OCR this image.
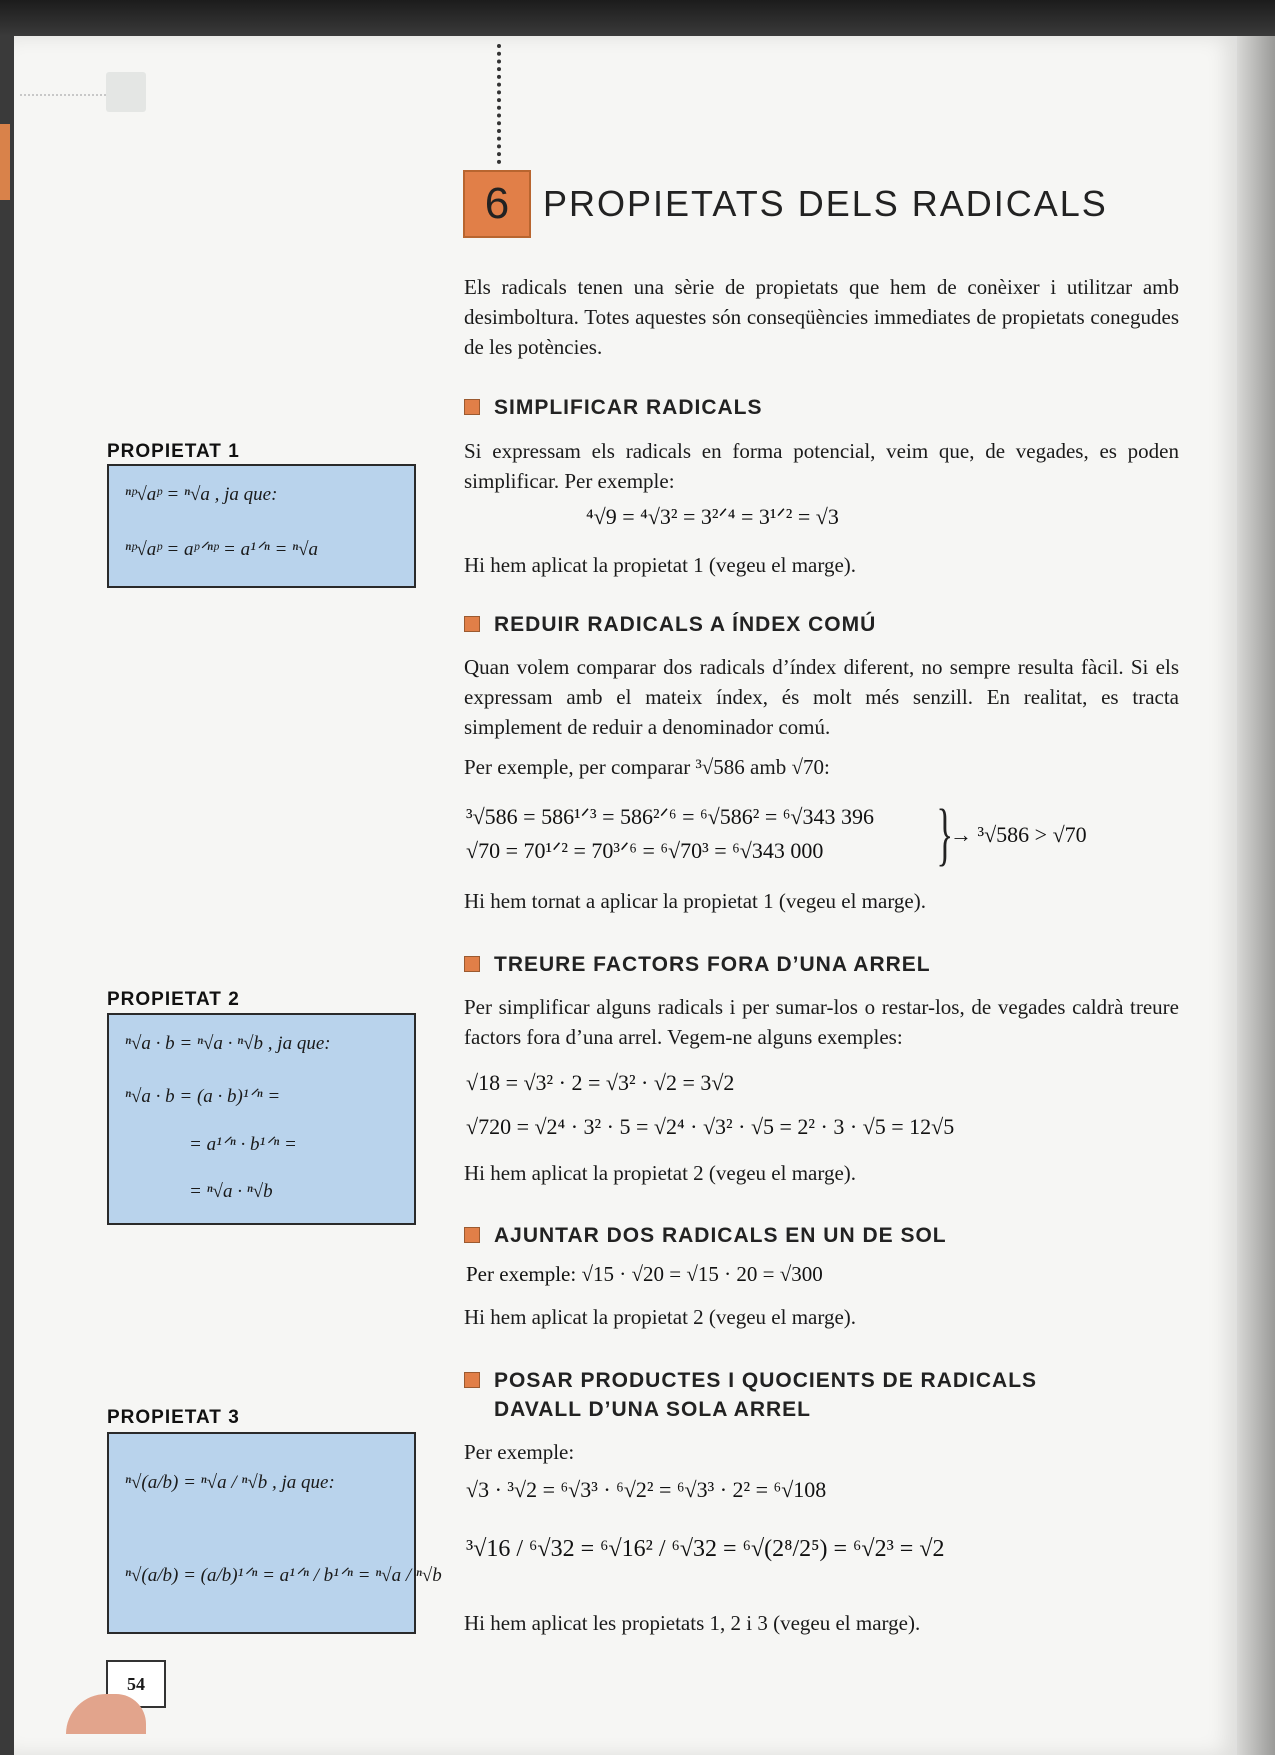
6 PROPIETATS DELS RADICALS
Els radicals tenen una sèrie de propietats que hem de conèixer i utilitzar amb desimboltura. Totes aquestes són conseqüències immediates de propietats conegudes de les potències.
SIMPLIFICAR RADICALS
Si expressam els radicals en forma potencial, veim que, de vegades, es poden simplificar. Per exemple:
⁴√9 = ⁴√3² = 3²ᐟ⁴ = 3¹ᐟ² = √3
Hi hem aplicat la propietat 1 (vegeu el marge).
REDUIR RADICALS A ÍNDEX COMÚ
Quan volem comparar dos radicals d’índex diferent, no sempre resulta fàcil. Si els expressam amb el mateix índex, és molt més senzill. En realitat, es tracta simplement de reduir a denominador comú.
Per exemple, per comparar ³√586 amb √70:
³√586 = 586¹ᐟ³ = 586²ᐟ⁶ = ⁶√586² = ⁶√343 396
√70 = 70¹ᐟ² = 70³ᐟ⁶ = ⁶√70³ = ⁶√343 000 }
→ ³√586 > √70
Hi hem tornat a aplicar la propietat 1 (vegeu el marge).
TREURE FACTORS FORA D’UNA ARREL
Per simplificar alguns radicals i per sumar-los o restar-los, de vegades caldrà treure factors fora d’una arrel. Vegem-ne alguns exemples:
√18 = √3² · 2 = √3² · √2 = 3√2
√720 = √2⁴ · 3² · 5 = √2⁴ · √3² · √5 = 2² · 3 · √5 = 12√5
Hi hem aplicat la propietat 2 (vegeu el marge).
AJUNTAR DOS RADICALS EN UN DE SOL
Per exemple: √15 · √20 = √15 · 20 = √300
Hi hem aplicat la propietat 2 (vegeu el marge).
POSAR PRODUCTES I QUOCIENTS DE RADICALS
DAVALL D’UNA SOLA ARREL
Per exemple:
√3 · ³√2 = ⁶√3³ · ⁶√2² = ⁶√3³ · 2² = ⁶√108
³√16 / ⁶√32 = ⁶√16² / ⁶√32 = ⁶√(2⁸/2⁵) = ⁶√2³ = √2
Hi hem aplicat les propietats 1, 2 i 3 (vegeu el marge).
PROPIETAT 1
ⁿᵖ√aᵖ = ⁿ√a , ja que:
ⁿᵖ√aᵖ = aᵖᐟⁿᵖ = a¹ᐟⁿ = ⁿ√a
PROPIETAT 2
ⁿ√a · b = ⁿ√a · ⁿ√b , ja que:
ⁿ√a · b = (a · b)¹ᐟⁿ =
= a¹ᐟⁿ · b¹ᐟⁿ =
= ⁿ√a · ⁿ√b
PROPIETAT 3
ⁿ√(a/b) = ⁿ√a / ⁿ√b , ja que:
ⁿ√(a/b) = (a/b)¹ᐟⁿ = a¹ᐟⁿ / b¹ᐟⁿ = ⁿ√a / ⁿ√b
54
